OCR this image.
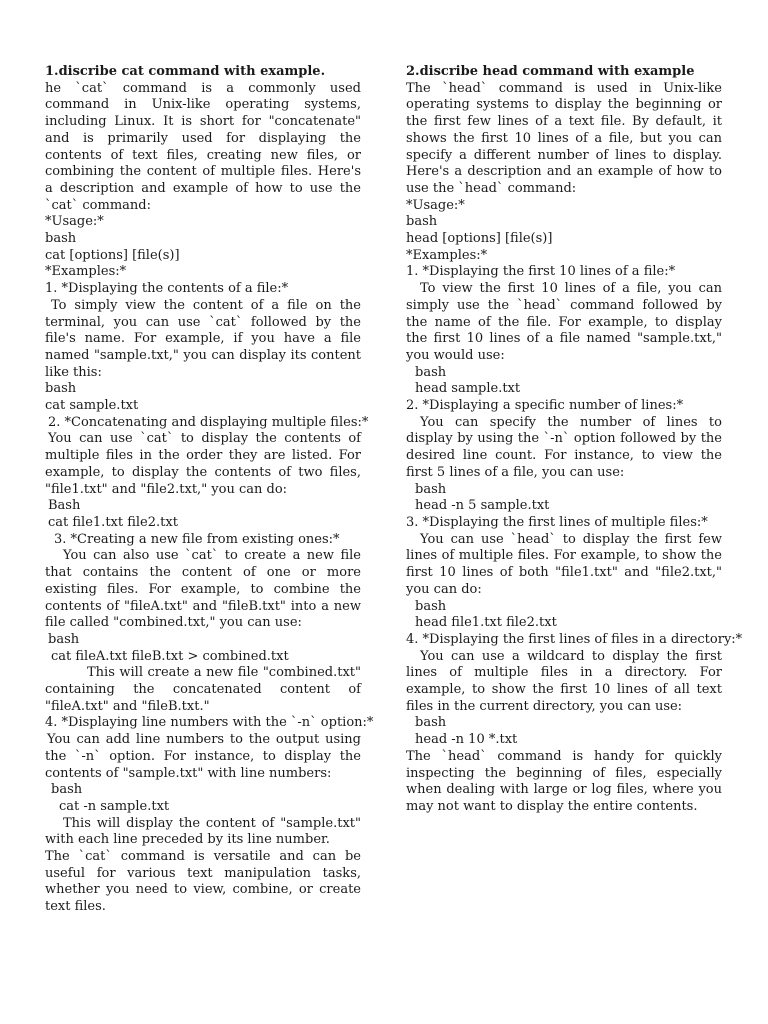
1.discribe cat command with example.
he `cat` command is a commonly used command in Unix-like operating systems, including Linux. It is short for "concatenate" and is primarily used for displaying the contents of text files, creating new files, or combining the content of multiple files. Here's a description and example of how to use the `cat` command:
*Usage:*
bash
cat [options] [file(s)]
*Examples:*
1. *Displaying the contents of a file:*
To simply view the content of a file on the terminal, you can use `cat` followed by the file's name. For example, if you have a file named "sample.txt," you can display its content like this:
bash
cat sample.txt
2. *Concatenating and displaying multiple files:*
You can use `cat` to display the contents of multiple files in the order they are listed. For example, to display the contents of two files, "file1.txt" and "file2.txt," you can do:
Bash
cat file1.txt file2.txt
3. *Creating a new file from existing ones:*
You can also use `cat` to create a new file that contains the content of one or more existing files. For example, to combine the contents of "fileA.txt" and "fileB.txt" into a new file called "combined.txt," you can use:
bash
cat fileA.txt fileB.txt > combined.txt
This will create a new file "combined.txt" containing the concatenated content of "fileA.txt" and "fileB.txt."
4. *Displaying line numbers with the `-n` option:*
You can add line numbers to the output using the `-n` option. For instance, to display the contents of "sample.txt" with line numbers:
bash
cat -n sample.txt
This will display the content of "sample.txt" with each line preceded by its line number.
The `cat` command is versatile and can be useful for various text manipulation tasks, whether you need to view, combine, or create text files.
2.discribe head command with example
The `head` command is used in Unix-like operating systems to display the beginning or the first few lines of a text file. By default, it shows the first 10 lines of a file, but you can specify a different number of lines to display. Here's a description and an example of how to use the `head` command:
*Usage:*
bash
head [options] [file(s)]
*Examples:*
1. *Displaying the first 10 lines of a file:*
To view the first 10 lines of a file, you can simply use the `head` command followed by the name of the file. For example, to display the first 10 lines of a file named "sample.txt," you would use:
bash
head sample.txt
2. *Displaying a specific number of lines:*
You can specify the number of lines to display by using the `-n` option followed by the desired line count. For instance, to view the first 5 lines of a file, you can use:
bash
head -n 5 sample.txt
3. *Displaying the first lines of multiple files:*
You can use `head` to display the first few lines of multiple files. For example, to show the first 10 lines of both "file1.txt" and "file2.txt," you can do:
bash
head file1.txt file2.txt
4. *Displaying the first lines of files in a directory:*
You can use a wildcard to display the first lines of multiple files in a directory. For example, to show the first 10 lines of all text files in the current directory, you can use:
bash
head -n 10 *.txt
The `head` command is handy for quickly inspecting the beginning of files, especially when dealing with large or log files, where you may not want to display the entire contents.
